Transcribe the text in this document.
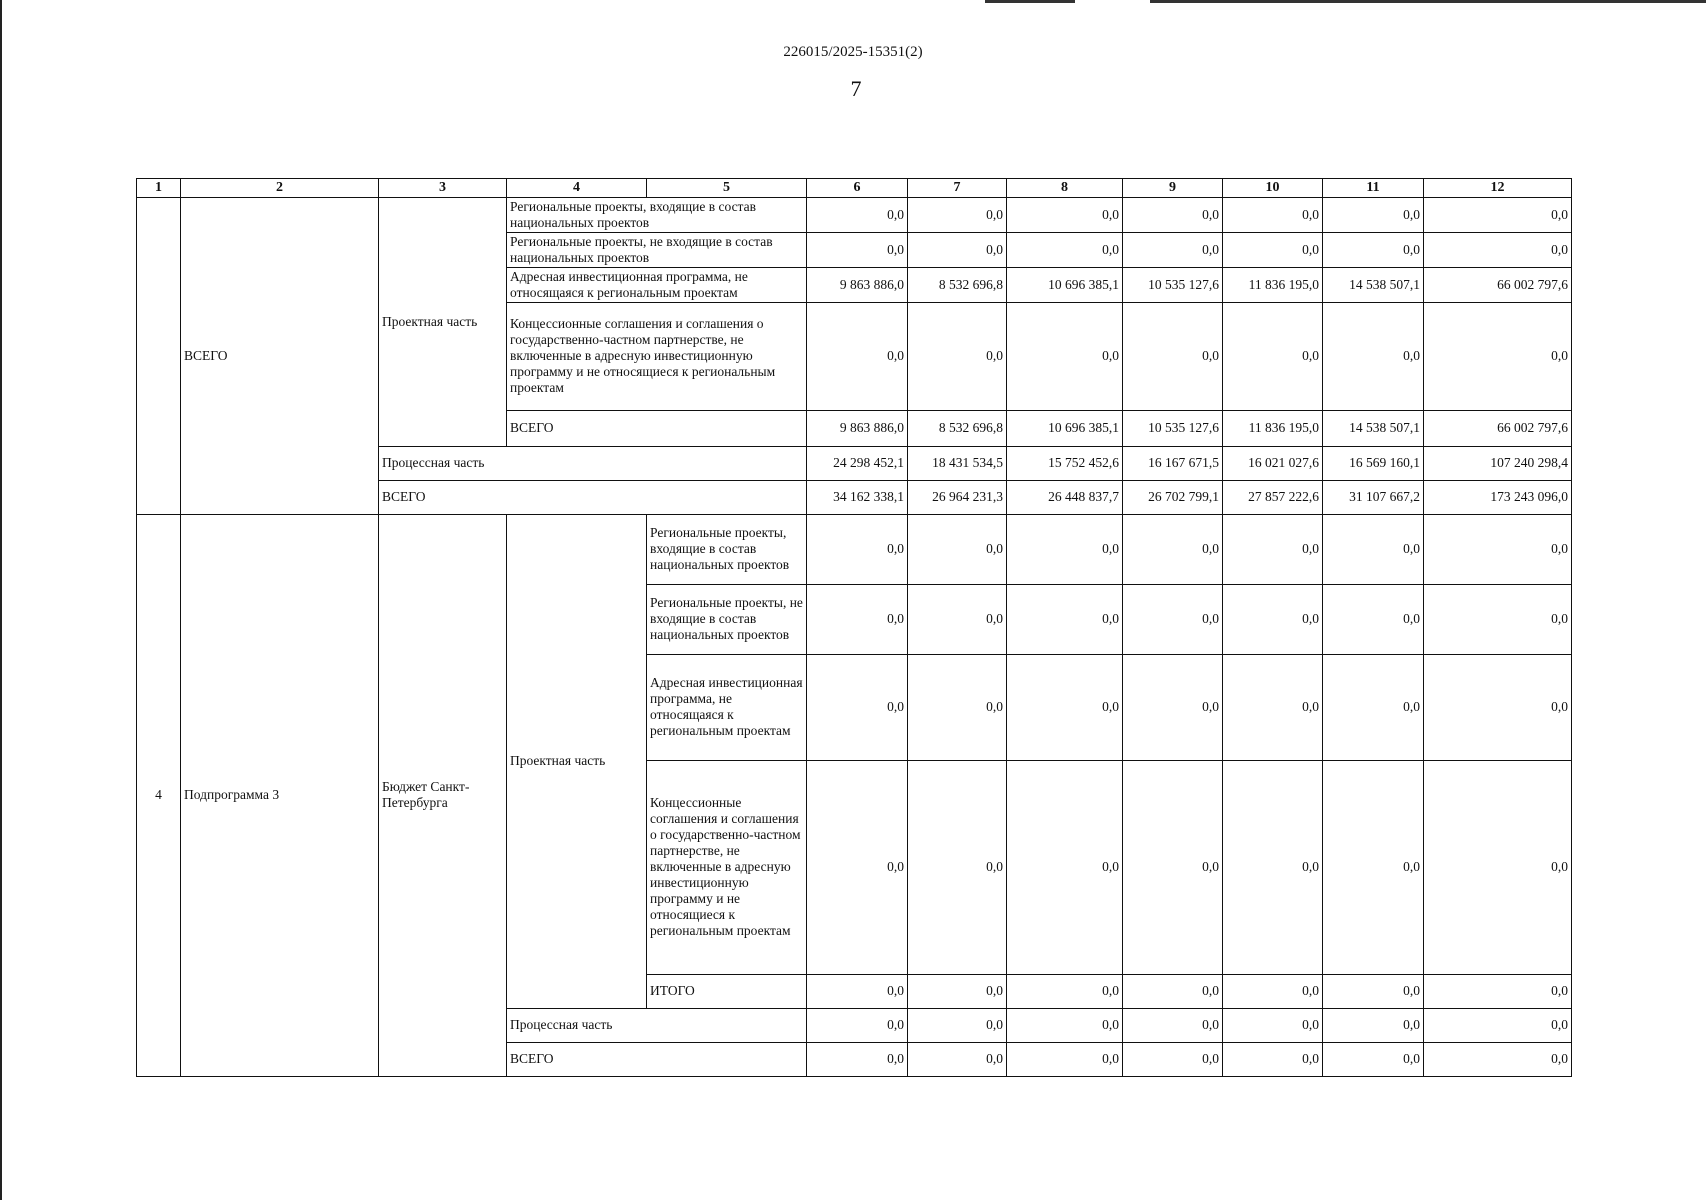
226015/2025-15351(2)
7
1	2	3	4	5	6	7	8	9	10	11	12
	ВСЕГО	Проектная часть	Региональные проекты, входящие в состав национальных проектов		0,0	0,0	0,0	0,0	0,0	0,0	0,0
			Региональные проекты, не входящие в состав национальных проектов		0,0	0,0	0,0	0,0	0,0	0,0	0,0
			Адресная инвестиционная программа, не относящаяся к региональным проектам		9 863 886,0	8 532 696,8	10 696 385,1	10 535 127,6	11 836 195,0	14 538 507,1	66 002 797,6
			Концессионные соглашения и соглашения о государственно-частном партнерстве, не включенные в адресную инвестиционную программу и не относящиеся к региональным проектам		0,0	0,0	0,0	0,0	0,0	0,0	0,0
			ВСЕГО		9 863 886,0	8 532 696,8	10 696 385,1	10 535 127,6	11 836 195,0	14 538 507,1	66 002 797,6
		Процессная часть			24 298 452,1	18 431 534,5	15 752 452,6	16 167 671,5	16 021 027,6	16 569 160,1	107 240 298,4
		ВСЕГО			34 162 338,1	26 964 231,3	26 448 837,7	26 702 799,1	27 857 222,6	31 107 667,2	173 243 096,0
4	Подпрограмма 3	Бюджет Санкт-Петербурга	Проектная часть	Региональные проекты, входящие в состав национальных проектов	0,0	0,0	0,0	0,0	0,0	0,0	0,0
				Региональные проекты, не входящие в состав национальных проектов	0,0	0,0	0,0	0,0	0,0	0,0	0,0
				Адресная инвестиционная программа, не относящаяся к региональным проектам	0,0	0,0	0,0	0,0	0,0	0,0	0,0
				Концессионные соглашения и соглашения о государственно-частном партнерстве, не включенные в адресную инвестиционную программу и не относящиеся к региональным проектам	0,0	0,0	0,0	0,0	0,0	0,0	0,0
				ИТОГО	0,0	0,0	0,0	0,0	0,0	0,0	0,0
			Процессная часть		0,0	0,0	0,0	0,0	0,0	0,0	0,0
			ВСЕГО		0,0	0,0	0,0	0,0	0,0	0,0	0,0
